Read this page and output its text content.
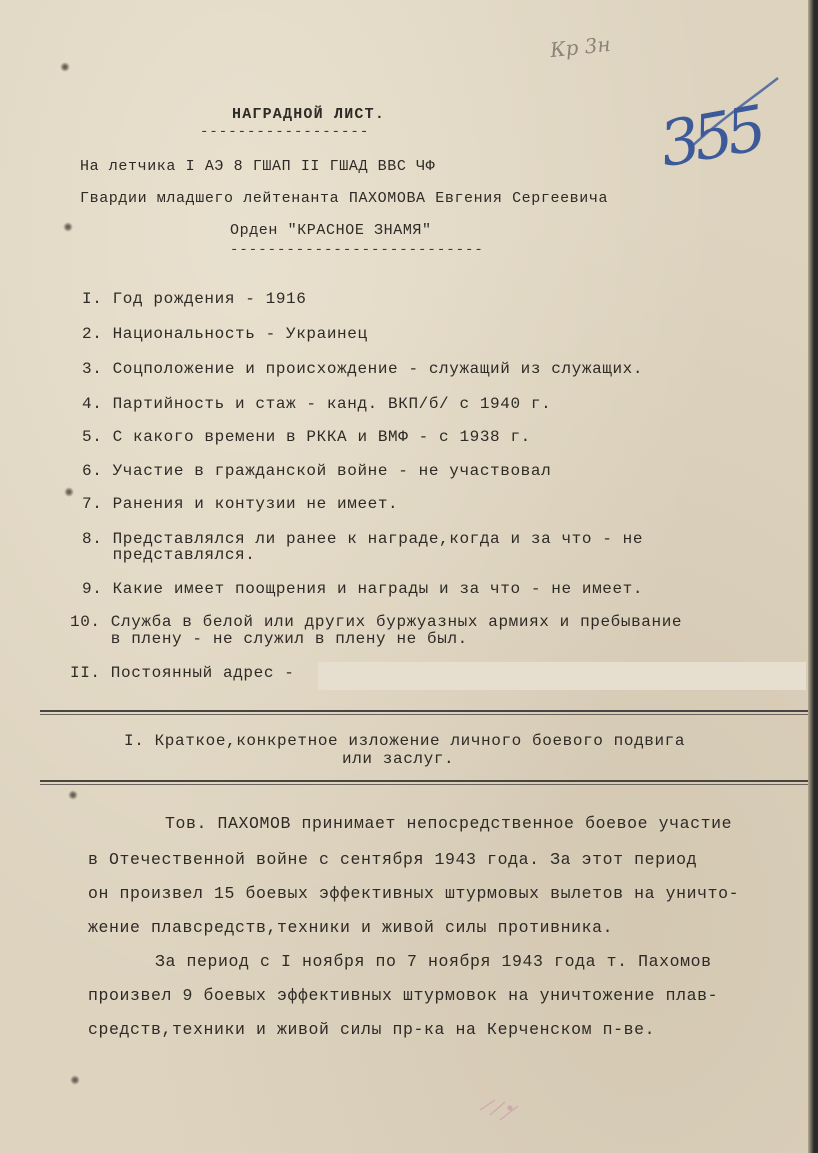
Кр 3н
355
НАГРАДНОЙ ЛИСТ.
------------------
На летчика I АЭ 8 ГШАП II ГШАД ВВС ЧФ
Гвардии младшего лейтенанта ПАХОМОВА Евгения Сергеевича
Орден "КРАСНОЕ ЗНАМЯ"
---------------------------
I. Год рождения - 1916
2. Национальность - Украинец
3. Соцположение и происхождение - служащий из служащих.
4. Партийность и стаж - канд. ВКП/б/ с 1940 г.
5. С какого времени в РККА и ВМФ - с 1938 г.
6. Участие в гражданской войне - не участвовал
7. Ранения и контузии не имеет.
8. Представлялся ли ранее к награде,когда и за что - не
представлялся.
9. Какие имеет поощрения и награды и за что - не имеет.
10. Служба в белой или других буржуазных армиях и пребывание
в плену - не служил в плену не был.
II. Постоянный адрес -
I. Краткое,конкретное изложение личного боевого подвига
или заслуг.
Тов. ПАХОМОВ принимает непосредственное боевое участие
в Отечественной войне с сентября 1943 года. За этот период
он произвел 15 боевых эффективных штурмовых вылетов на уничто-
жение плавсредств,техники и живой силы противника.
За период с I ноября по 7 ноября 1943 года т. Пахомов
произвел 9 боевых эффективных штурмовок на уничтожение плав-
средств,техники и живой силы пр-ка на Керченском п-ве.
